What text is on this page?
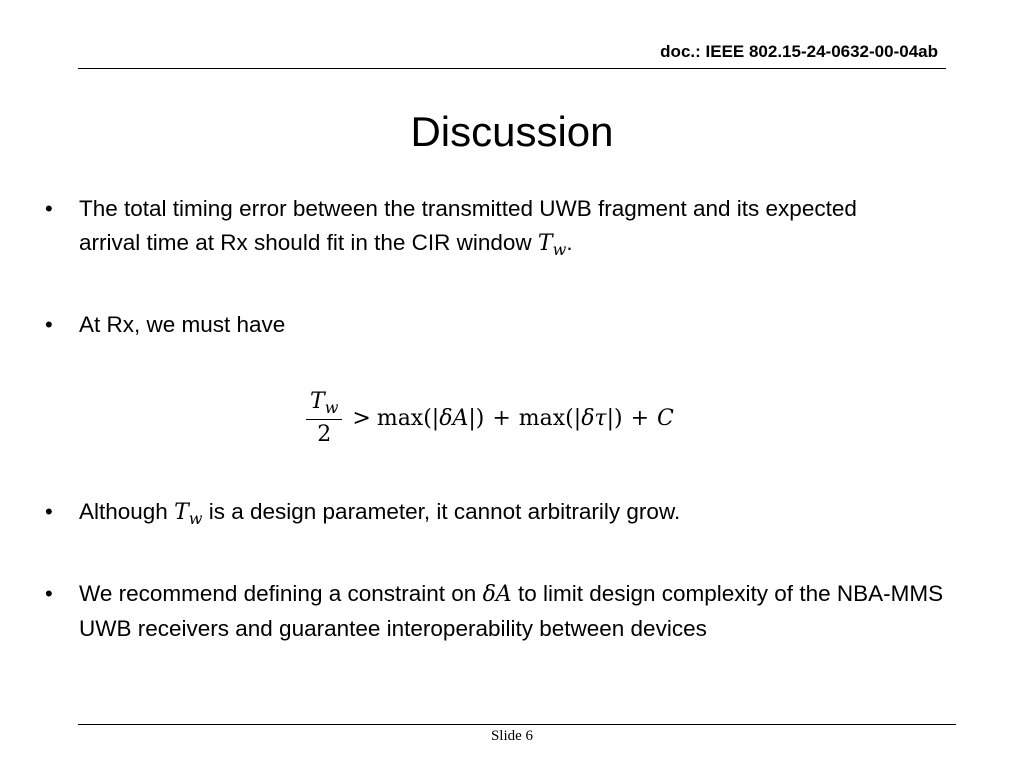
doc.: IEEE 802.15-24-0632-00-04ab
Discussion
•	The total timing error between the transmitted UWB fragment and its expected arrival time at Rx should fit in the CIR window $T_w$.
•	At Rx, we must have
$\frac{T_w}{2} > \max(|$ δA |) + max(| δτ |) + C
•	Although $T_w$ is a design parameter, it cannot arbitrarily grow.
•	We recommend defining a constraint on δA to limit design complexity of the NBA-MMS UWB receivers and guarantee interoperability between devices
Slide 6
